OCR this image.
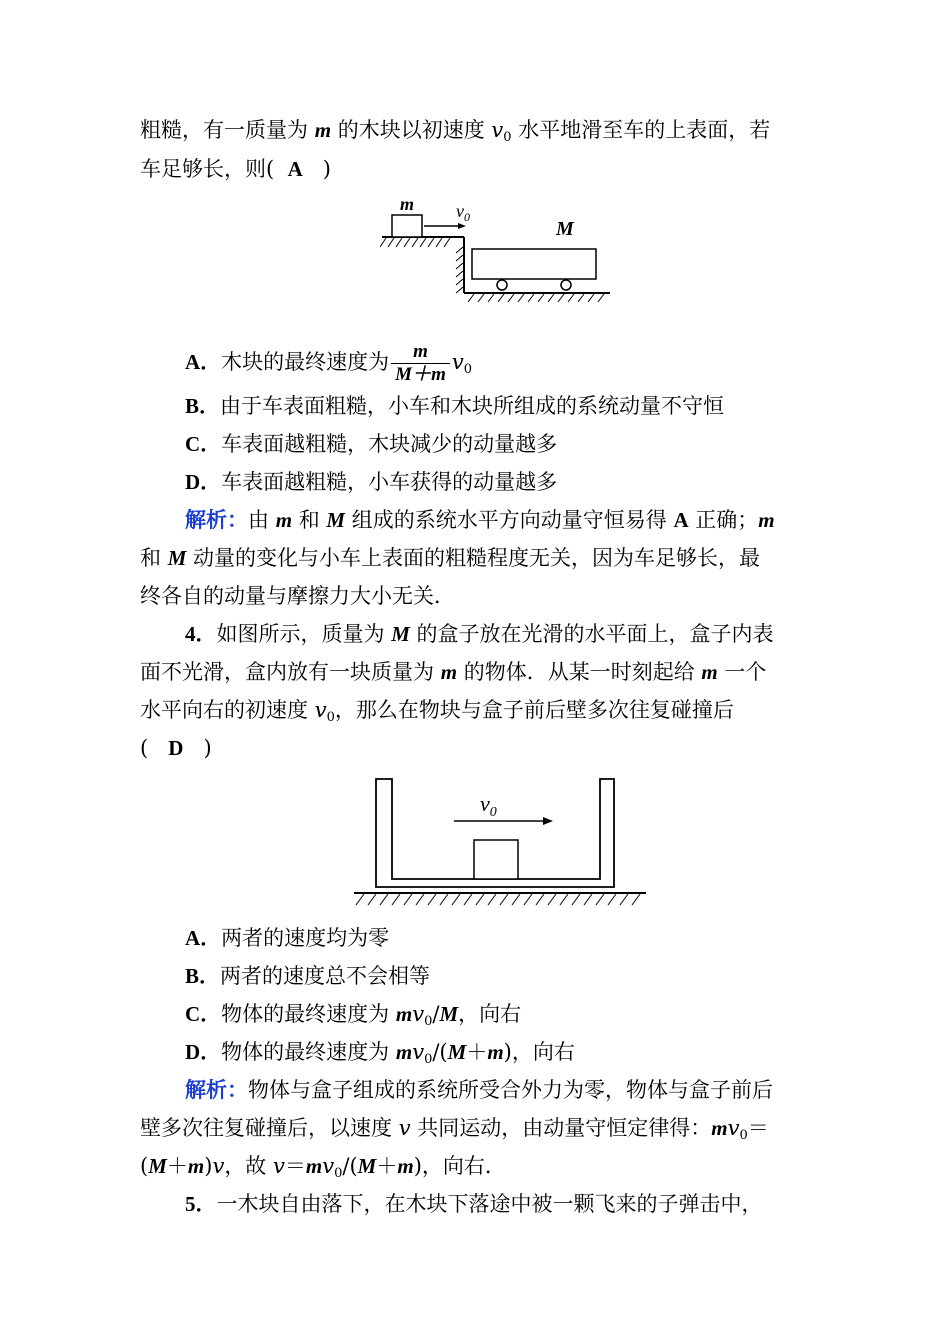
粗糙，有一质量为 m 的木块以初速度 $v_0$ 水平地滑至车的上表面，若
车足够长，则( A )
m $v_0$
M
A．木块的最终速度为 $\frac{m}{M+m} v_0$
B．由于车表面粗糙，小车和木块所组成的系统动量不守恒
C．车表面越粗糙，木块减少的动量越多
D．车表面越粗糙，小车获得的动量越多
解析：由 m 和 M 组成的系统水平方向动量守恒易得 A 正确；m
和 M 动量的变化与小车上表面的粗糙程度无关，因为车足够长，最
终各自的动量与摩擦力大小无关．
4．如图所示，质量为 M 的盒子放在光滑的水平面上，盒子内表
面不光滑，盒内放有一块质量为 m 的物体．从某一时刻起给 m 一个
水平向右的初速度 $v_0$，那么在物块与盒子前后壁多次往复碰撞后
( D )
$v_0$
A．两者的速度均为零
B．两者的速度总不会相等
C．物体的最终速度为 $mv_0/M$，向右
D．物体的最终速度为 $mv_0/(M+m)$，向右
解析：物体与盒子组成的系统所受合外力为零，物体与盒子前后
壁多次往复碰撞后，以速度 v 共同运动，由动量守恒定律得：$mv_0=$
(M＋m)v，故 $v=mv_0/(M+m)$，向右．
5．一木块自由落下，在木块下落途中被一颗飞来的子弹击中，
